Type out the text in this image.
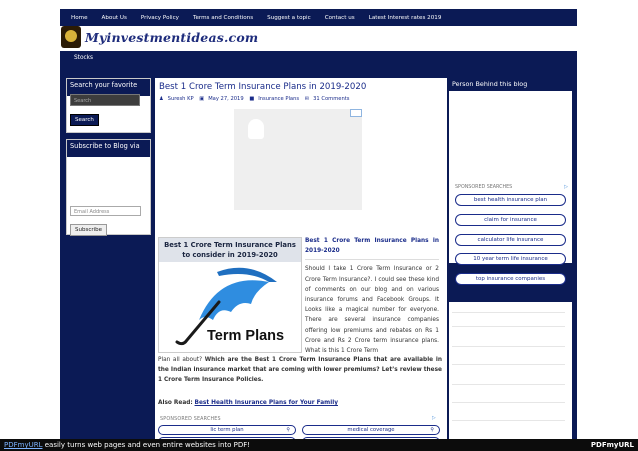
Home	About Us	Privacy Policy	Terms and Conditions	Suggest a topic	Contact us	Latest Interest rates 2019
Myinvestmentideas.com
Stocks
Search your favorite
Search
Search
Subscribe to Blog via
Email Address
Subscribe
Best 1 Crore Term Insurance Plans in 2019-2020
♟ Suresh KP ▣ May 27, 2019 ■ Insurance Plans ✉ 31 Comments
Best 1 Crore Term Insurance Plans to consider in 2019-2020
Term Plans
Best 1 Crore Term Insurance Plans in 2019-2020
Should I take 1 Crore Term Insurance or 2 Crore Term Insurance?. I could see these kind of comments on our blog and on various insurance forums and Facebook Groups. It Looks like a magical number for everyone. There are several insurance companies offering low premiums and rebates on Rs 1 Crore and Rs 2 Crore term insurance plans. What is this 1 Crore Term
Plan all about? Which are the Best 1 Crore Term Insurance Plans that are available in the Indian insurance market that are coming with lower premiums? Let’s review these 1 Crore Term Insurance Policies.
Also Read: Best Health Insurance Plans for Your Family
SPONSORED SEARCHES	▷
lic term plan	⚲	medical coverage	⚲
Person Behind this blog
SPONSORED SEARCHES	▷
best health insurance plan
claim for insurance
calculator life insurance
10 year term life insurance
top insurance companies
PDFmyURL easily turns web pages and even entire websites into PDF!	PDFmyURL
